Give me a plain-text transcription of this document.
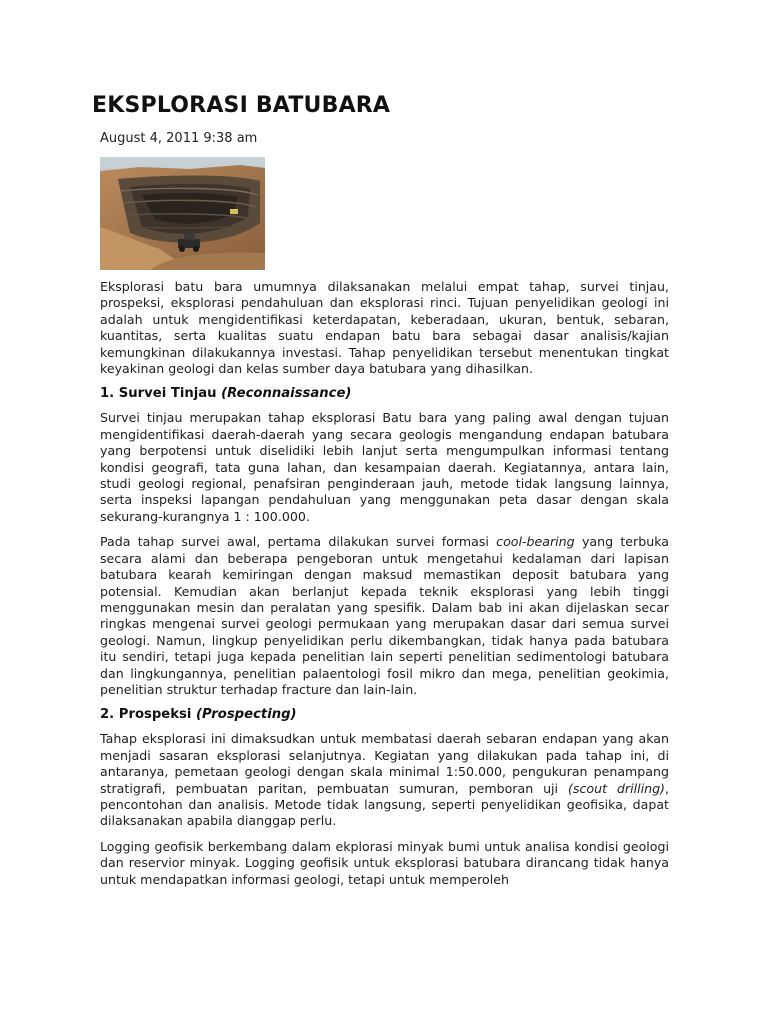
EKSPLORASI BATUBARA
August 4, 2011 9:38 am

Eksplorasi batu bara umumnya dilaksanakan melalui empat tahap, survei tinjau, prospeksi, eksplorasi pendahuluan dan eksplorasi rinci. Tujuan penyelidikan geologi ini adalah untuk mengidentifikasi keterdapatan, keberadaan, ukuran, bentuk, sebaran, kuantitas, serta kualitas suatu endapan batu bara sebagai dasar analisis/kajian kemungkinan dilakukannya investasi. Tahap penyelidikan tersebut menentukan tingkat keyakinan geologi dan kelas sumber daya batubara yang dihasilkan.

1. Survei Tinjau (Reconnaissance)

Survei tinjau merupakan tahap eksplorasi Batu bara yang paling awal dengan tujuan mengidentifikasi daerah-daerah yang secara geologis mengandung endapan batubara yang berpotensi untuk diselidiki lebih lanjut serta mengumpulkan informasi tentang kondisi geografi, tata guna lahan, dan kesampaian daerah. Kegiatannya, antara lain, studi geologi regional, penafsiran penginderaan jauh, metode tidak langsung lainnya, serta inspeksi lapangan pendahuluan yang menggunakan peta dasar dengan skala sekurang-kurangnya 1 : 100.000.

Pada tahap survei awal, pertama dilakukan survei formasi cool-bearing yang terbuka secara alami dan beberapa pengeboran untuk mengetahui kedalaman dari lapisan batubara kearah kemiringan dengan maksud memastikan deposit batubara yang potensial. Kemudian akan berlanjut kepada teknik eksplorasi yang lebih tinggi menggunakan mesin dan peralatan yang spesifik. Dalam bab ini akan dijelaskan secar ringkas mengenai survei geologi permukaan yang merupakan dasar dari semua survei geologi. Namun, lingkup penyelidikan perlu dikembangkan, tidak hanya pada batubara itu sendiri, tetapi juga kepada penelitian lain seperti penelitian sedimentologi batubara dan lingkungannya, penelitian palaentologi fosil mikro dan mega, penelitian geokimia, penelitian struktur terhadap fracture dan lain-lain.

2. Prospeksi (Prospecting)

Tahap eksplorasi ini dimaksudkan untuk membatasi daerah sebaran endapan yang akan menjadi sasaran eksplorasi selanjutnya. Kegiatan yang dilakukan pada tahap ini, di antaranya, pemetaan geologi dengan skala minimal 1:50.000, pengukuran penampang stratigrafi, pembuatan paritan, pembuatan sumuran, pemboran uji (scout drilling), pencontohan dan analisis. Metode tidak langsung, seperti penyelidikan geofisika, dapat dilaksanakan apabila dianggap perlu.

Logging geofisik berkembang dalam ekplorasi minyak bumi untuk analisa kondisi geologi dan reservior minyak. Logging geofisik untuk eksplorasi batubara dirancang tidak hanya untuk mendapatkan informasi geologi, tetapi untuk memperoleh
